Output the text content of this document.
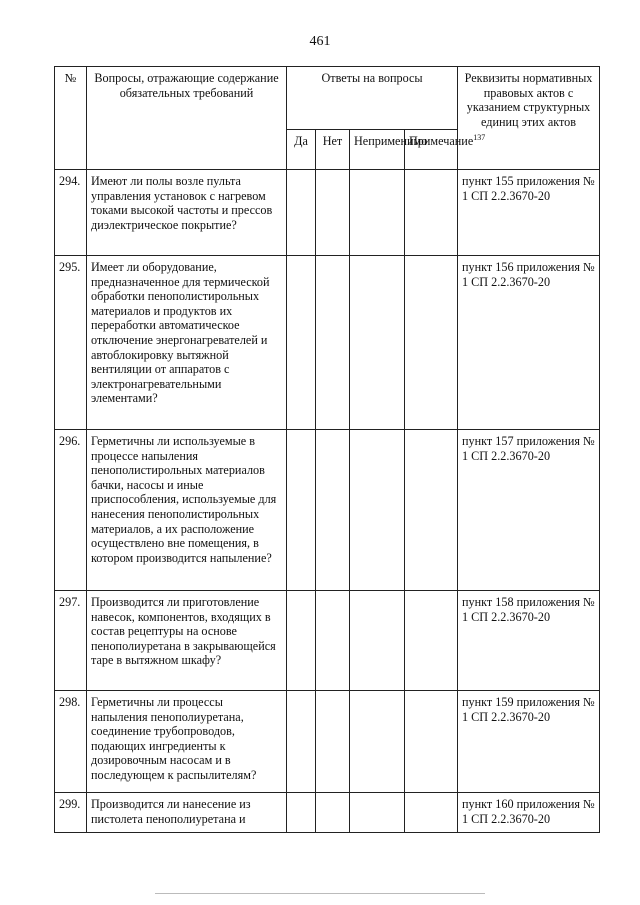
461
№	Вопросы, отражающие содержание обязательных требований	Ответы на вопросы				Реквизиты нормативных правовых актов с указанием структурных единиц этих актов
		Да	Нет	Неприменимо	Примечание$^{137}$
294.	Имеют ли полы возле пульта управления установок с нагревом токами высокой частоты и прессов диэлектрическое покрытие?					пункт 155 приложения № 1 СП 2.2.3670-20
295.	Имеет ли оборудование, предназначенное для термической обработки пенополистирольных материалов и продуктов их переработки автоматическое отключение энергонагревателей и автоблокировку вытяжной вентиляции от аппаратов с электронагревательными элементами?					пункт 156 приложения № 1 СП 2.2.3670-20
296.	Герметичны ли используемые в процессе напыления пенополистирольных материалов бачки, насосы и иные приспособления, используемые для нанесения пенополистирольных материалов, а их расположение осуществлено вне помещения, в котором производится напыление?					пункт 157 приложения № 1 СП 2.2.3670-20
297.	Производится ли приготовление навесок, компонентов, входящих в состав рецептуры на основе пенополиуретана в закрывающейся таре в вытяжном шкафу?					пункт 158 приложения № 1 СП 2.2.3670-20
298.	Герметичны ли процессы напыления пенополиуретана, соединение трубопроводов, подающих ингредиенты к дозировочным насосам и в последующем к распылителям?					пункт 159 приложения № 1 СП 2.2.3670-20
299.	Производится ли нанесение из пистолета пенополиуретана и					пункт 160 приложения № 1 СП 2.2.3670-20
